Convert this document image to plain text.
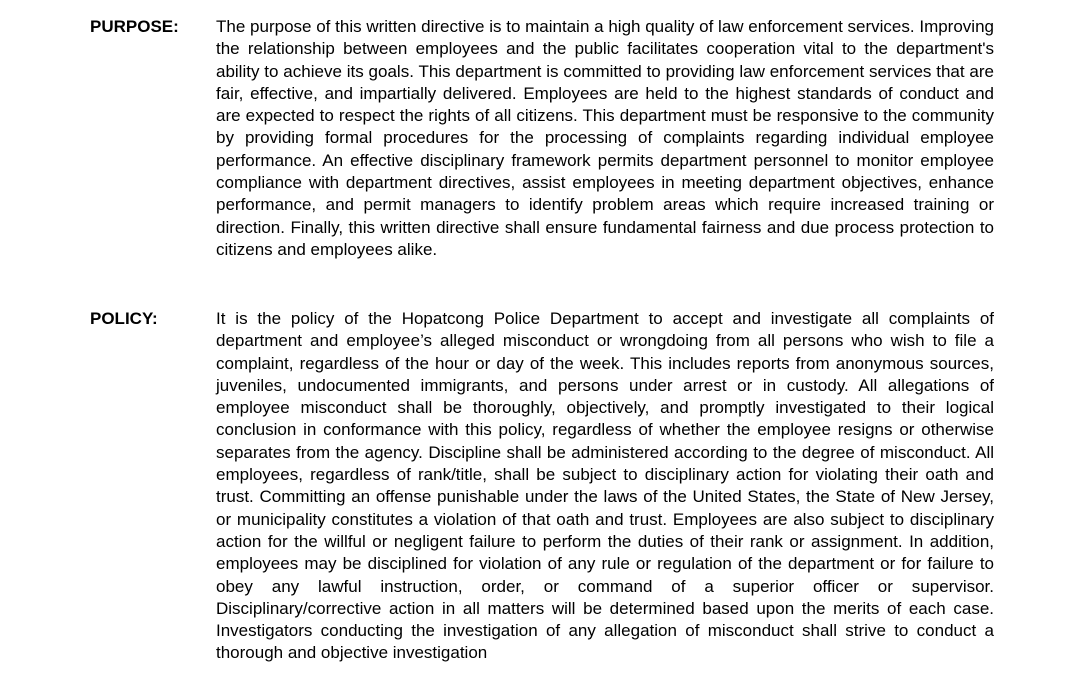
PURPOSE: The purpose of this written directive is to maintain a high quality of law enforcement services. Improving the relationship between employees and the public facilitates cooperation vital to the department's ability to achieve its goals. This department is committed to providing law enforcement services that are fair, effective, and impartially delivered. Employees are held to the highest standards of conduct and are expected to respect the rights of all citizens. This department must be responsive to the community by providing formal procedures for the processing of complaints regarding individual employee performance. An effective disciplinary framework permits department personnel to monitor employee compliance with department directives, assist employees in meeting department objectives, enhance performance, and permit managers to identify problem areas which require increased training or direction. Finally, this written directive shall ensure fundamental fairness and due process protection to citizens and employees alike.
POLICY:	It is the policy of the Hopatcong Police Department to accept and investigate all complaints of department and employee’s alleged misconduct or wrongdoing from all persons who wish to file a complaint, regardless of the hour or day of the week. This includes reports from anonymous sources, juveniles, undocumented immigrants, and persons under arrest or in custody. All allegations of employee misconduct shall be thoroughly, objectively, and promptly investigated to their logical conclusion in conformance with this policy, regardless of whether the employee resigns or otherwise separates from the agency. Discipline shall be administered according to the degree of misconduct. All employees, regardless of rank/title, shall be subject to disciplinary action for violating their oath and trust. Committing an offense punishable under the laws of the United States, the State of New Jersey, or municipality constitutes a violation of that oath and trust. Employees are also subject to disciplinary action for the willful or negligent failure to perform the duties of their rank or assignment. In addition, employees may be disciplined for violation of any rule or regulation of the department or for failure to obey any lawful instruction, order, or command of a superior officer or supervisor. Disciplinary/corrective action in all matters will be determined based upon the merits of each case. Investigators conducting the investigation of any allegation of misconduct shall strive to conduct a thorough and objective investigation
